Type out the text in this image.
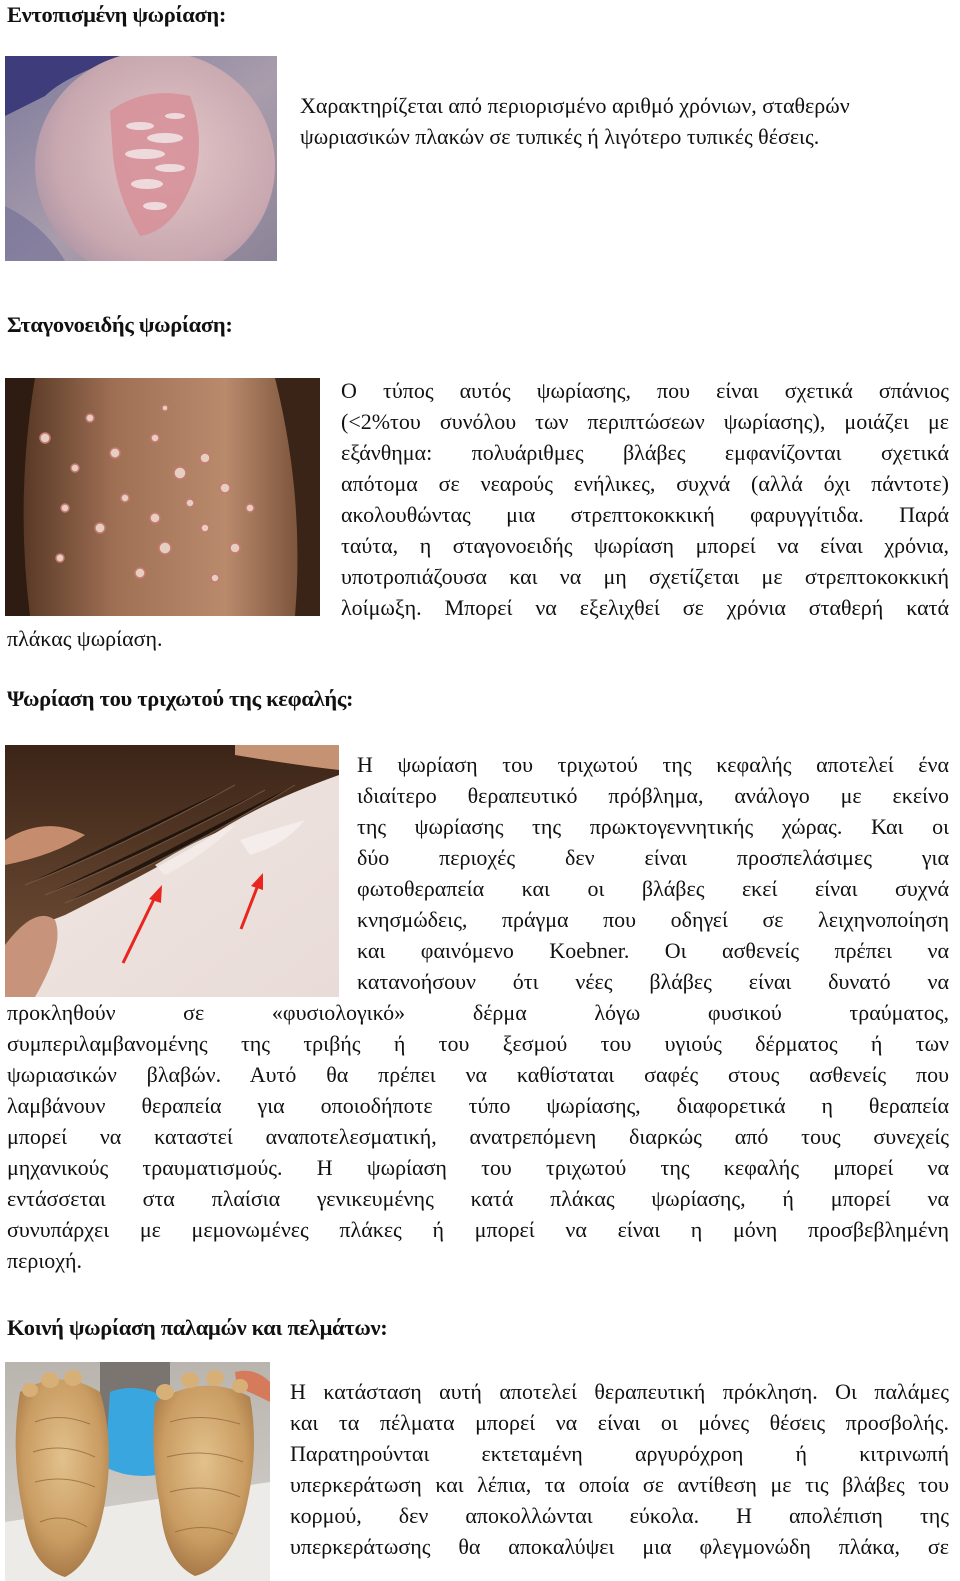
Εντοπισμένη ψωρίαση:
Χαρακτηρίζεται από περιορισμένο αριθμό χρόνιων, σταθερών
ψωριασικών πλακών σε τυπικές ή λιγότερο τυπικές θέσεις.
Σταγονοειδής ψωρίαση:
Ο τύπος αυτός ψωρίασης, που είναι σχετικά σπάνιος
(<2%του συνόλου των περιπτώσεων ψωρίασης), μοιάζει με
εξάνθημα: πολυάριθμες βλάβες εμφανίζονται σχετικά
απότομα σε νεαρούς ενήλικες, συχνά (αλλά όχι πάντοτε)
ακολουθώντας μια στρεπτοκοκκική φαρυγγίτιδα. Παρά
ταύτα, η σταγονοειδής ψωρίαση μπορεί να είναι χρόνια,
υποτροπιάζουσα και να μη σχετίζεται με στρεπτοκοκκική
λοίμωξη. Μπορεί να εξελιχθεί σε χρόνια σταθερή κατά
πλάκας ψωρίαση.
Ψωρίαση του τριχωτού της κεφαλής:
Η ψωρίαση του τριχωτού της κεφαλής αποτελεί ένα
ιδιαίτερο θεραπευτικό πρόβλημα, ανάλογο με εκείνο
της ψωρίασης της πρωκτογεννητικής χώρας. Και οι
δύο περιοχές δεν είναι προσπελάσιμες για
φωτοθεραπεία και οι βλάβες εκεί είναι συχνά
κνησμώδεις, πράγμα που οδηγεί σε λειχηνοποίηση
και φαινόμενο Koebner. Οι ασθενείς πρέπει να
κατανοήσουν ότι νέες βλάβες είναι δυνατό να
προκληθούν σε «φυσιολογικό» δέρμα λόγω φυσικού τραύματος,
συμπεριλαμβανομένης της τριβής ή του ξεσμού του υγιούς δέρματος ή των
ψωριασικών βλαβών. Αυτό θα πρέπει να καθίσταται σαφές στους ασθενείς που
λαμβάνουν θεραπεία για οποιοδήποτε τύπο ψωρίασης, διαφορετικά η θεραπεία
μπορεί να καταστεί αναποτελεσματική, ανατρεπόμενη διαρκώς από τους συνεχείς
μηχανικούς τραυματισμούς. Η ψωρίαση του τριχωτού της κεφαλής μπορεί να
εντάσσεται στα πλαίσια γενικευμένης κατά πλάκας ψωρίασης, ή μπορεί να
συνυπάρχει με μεμονωμένες πλάκες ή μπορεί να είναι η μόνη προσβεβλημένη
περιοχή.
Κοινή ψωρίαση παλαμών και πελμάτων:
Η κατάσταση αυτή αποτελεί θεραπευτική πρόκληση. Οι παλάμες
και τα πέλματα μπορεί να είναι οι μόνες θέσεις προσβολής.
Παρατηρούνται εκτεταμένη αργυρόχροη ή κιτρινωπή
υπερκεράτωση και λέπια, τα οποία σε αντίθεση με τις βλάβες του
κορμού, δεν αποκολλώνται εύκολα. Η απολέπιση της
υπερκεράτωσης θα αποκαλύψει μια φλεγμονώδη πλάκα, σε
